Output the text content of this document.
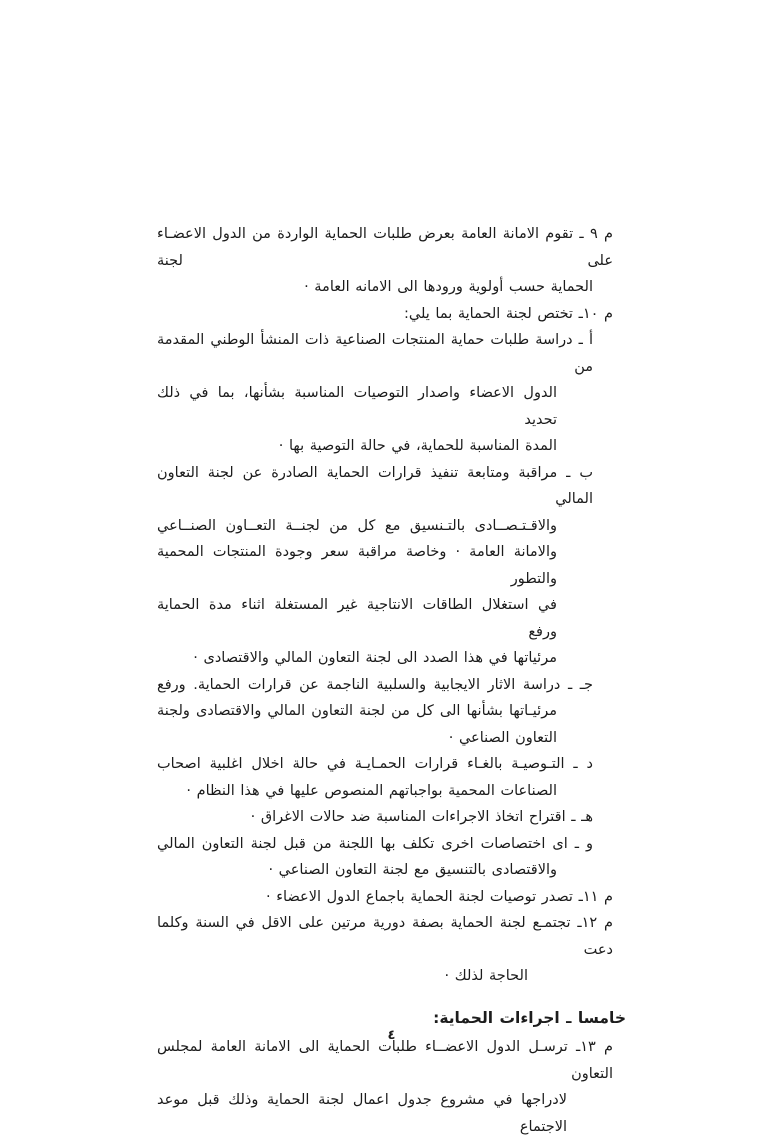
م ٩ ـ تقوم الامانة العامة بعرض طلبات الحماية الواردة من الدول الاعضـاء على لجنة
الحماية حسب أولوية ورودها الى الامانه العامة ·
م ١٠ـ تختص لجنة الحماية بما يلي:
أ ـ دراسة طلبات حماية المنتجات الصناعية ذات المنشأ الوطني المقدمة من
الدول الاعضاء واصدار التوصيات المناسبة بشأنها، بما في ذلك تحديد
المدة المناسبة للحماية، في حالة التوصية بها ·
ب ـ مراقبة ومتابعة تنفيذ قرارات الحماية الصادرة عن لجنة التعاون المالي
والاقـتـصــادى بالتـنسيق مع كل من لجنــة التعــاون الصنــاعي
والامانة العامة · وخاصة مراقبة سعر وجودة المنتجات المحمية والتطور
في استغلال الطاقات الانتاجية غير المستغلة اثناء مدة الحماية ورفع
مرئياتها في هذا الصدد الى لجنة التعاون المالي والاقتصادى ·
جـ ـ دراسة الاثار الايجابية والسلبية الناجمة عن قرارات الحماية. ورفع
مرئيـاتها بشأنها الى كل من لجنة التعاون المالي والاقتصادى ولجنة
التعاون الصناعي ·
د ـ التـوصيـة بالغـاء قرارات الحمـايـة في حالة اخلال اغلبية اصحاب
الصناعات المحمية بواجباتهم المنصوص عليها في هذا النظام ·
هـ ـ اقتراح اتخاذ الاجراءات المناسبة ضد حالات الاغراق ·
و ـ اى اختصاصات اخرى تكلف بها اللجنة من قبل لجنة التعاون المالي
والاقتصادى بالتنسيق مع لجنة التعاون الصناعي ·
م ١١ـ تصدر توصيات لجنة الحماية باجماع الدول الاعضاء ·
م ١٢ـ تجتمـع لجنة الحماية بصفة دورية مرتين على الاقل في السنة وكلما دعت
الحاجة لذلك ·
خامسا ـ اجراءات الحماية:
م ١٣ـ ترسـل الدول الاعضــاء طلبات الحماية الى الامانة العامة لمجلس التعاون
لادراجها في مشروع جدول اعمال لجنة الحماية وذلك قبل موعد الاجتماع
٤
